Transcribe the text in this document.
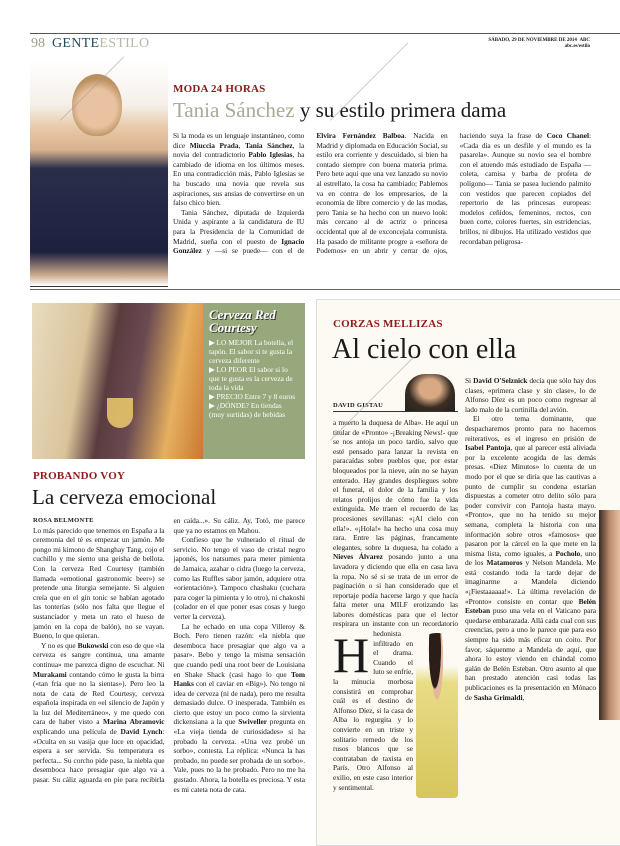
98 GENTEESTILO	SÁBADO, 29 DE NOVIEMBRE DE 2014 ABC
abc.es/estilo
MODA 24 HORAS
Tania Sánchez y su estilo primera dama

Si la moda es un lenguaje instantáneo, como dice Miuccia Prada, Tania Sánchez, la novia del contradictorio Pablo Iglesias, ha cambiado de idioma en los últimos meses. En una contradicción más, Pablo Iglesias se ha buscado una novia que revela sus aspiraciones, sus ansias de convertirse en un falso chico bien.

Tania Sánchez, diputada de Izquierda Unida y aspirante a la candidatura de IU para la Presidencia de la Comunidad de Madrid, sueña con el puesto de Ignacio González y —si se puede— con el de Elvira Fernández Balboa. Nacida en Madrid y diplomada en Educación Social, su estilo era corriente y descuidado, si bien ha contado siempre con buena materia prima. Pero hete aquí que una vez lanzado su novio al estrellato, la cosa ha cambiado; Pablemos va en contra de los empresarios, de la economía de libre comercio y de las modas, pero Tania se ha hecho con un nuevo look: más cercano al de actriz o princesa occidental que al de exconcejala comunista. Ha pasado de militante progre a «señora de Podemos» en un abrir y cerrar de ojos, haciendo suya la frase de Coco Chanel: «Cada día es un desfile y el mundo es la pasarela». Aunque su novio sea el hombre con el atuendo más estudiado de España —coleta, camisa y barba de profeta de polígono— Tania se pasea luciendo palmito con vestidos que parecen copiados del repertorio de las princesas europeas: modelos ceñidos, femeninos, rectos, con buen corte, colores fuertes, sin estridencias, brillos, ni dibujos. Ha utilizado vestidos que recordaban peligrosa-

Cerveza Red Courtesy
▶ LO MEJOR La botella, el tapón. El sabor si te gusta la cerveza diferente
▶ LO PEOR El sabor si lo que te gusta es la cerveza de toda la vida
▶ PRECIO Entre 7 y 8 euros
▶ ¿DÓNDE? En tiendas (muy surtidas) de bebidas
PROBANDO VOY
La cerveza emocional
ROSA BELMONTE

Lo más parecido que tenemos en España a la ceremonia del té es empezar un jamón. Me pongo mi kimono de Shanghay Tang, cojo el cuchillo y me siento una geisha de bellota. Con la cerveza Red Courtesy (también llamada «emotional gastronomic beer») se pretende una liturgia semejante. Si alguien creía que en el gin tonic se habían agotado las tonterías (sólo nos falta que llegue el sustanciador y meta un rato el hueso de jamón en la copa de balón), no se vayan. Bueno, lo que quieran.

Y no es que Bukowski con eso de que «la cerveza es sangre continua, una amante continua» me parezca digno de escuchar. Ni Murakami contando cómo le gusta la birra («tan fría que no la sientas»). Pero leo la nota de cata de Red Courtesy, cerveza española inspirada en «el silencio de Japón y la luz del Mediterráneo», y me quedo con cara de haber visto a Marina Abramovic explicando una película de David Lynch: «Oculta en su vasija que luce en opacidad, espera a ser servida. Su temperatura es perfecta... Su corcho pide paso, la niebla que desemboca hace presagiar que algo va a pasar. Su cáliz aguarda en pie para recibirla en caída...». Su cáliz. Ay, Totó, me parece que ya no estamos en Mahou.

Confieso que he vulnerado el ritual de servicio. No tengo el vaso de cristal negro japonés, los natsumes para meter pimienta de Jamaica, azahar o cidra (luego la cerveza, como las Ruffles sabor jamón, adquiere otra «orientación»). Tampoco chashaku (cuchara para coger la pimienta y lo otro), ni chakoshi (colador en el que poner esas cosas y luego verter la cerveza).

La he echado en una copa Villeroy & Boch. Pero tienen razón: «la niebla que desemboca hace presagiar que algo va a pasar». Bebo y tengo la misma sensación que cuando pedí una root beer de Louisiana en Shake Shack (casi hago lo que Tom Hanks con el caviar en «Big»). No tengo ni idea de cerveza (ni de nada), pero me resulta demasiado dulce. O inesperada. También es cierto que estoy un poco como la sirvienta dickensiana a la que Swiveller pregunta en «La vieja tienda de curiosidades» si ha probado la cerveza. «Una vez probé un sorbo», contesta. La réplica: «Nunca la has probado, no puede ser probada de un sorbo». Vale, pues no la he probado. Pero no me ha gustado. Ahora, la botella es preciosa. Y esta es mi cateta nota de cata.

CORZAS MELLIZAS
Al cielo con ella
DAVID GISTAU
H

a muerto la duquesa de Alba». He aquí un titular de «Pronto» -¡Breaking News!- que se nos antoja un poco tardío, salvo que esté pensado para lanzar la revista en paracaídas sobre pueblos que, por estar bloqueados por la nieve, aún no se hayan enterado. Hay grandes despliegues sobre el funeral, el dolor de la familia y los relatos prolijos de cómo fue la vida extinguida. Me traen el recuerdo de las procesiones sevillanas: «¡Al cielo con ella!». «¡Hola!» ha hecho una cosa muy rara. Entre las páginas, francamente elegantes, sobre la duquesa, ha colado a Nieves Álvarez posando junto a una lavadora y diciendo que ella en casa lava la ropa. No sé si se trata de un error de paginación o si han considerado que el reportaje podía hacerse largo y que hacía falta meter una MILF erotizando las labores domésticas para que el lector respirara un instante con un recordatorio hedonista infiltrado en el drama. Cuando el luto se enfríe, la minucia morbosa consistirá en comprobar cuál es el destino de Alfonso Díez, si la casa de Alba lo regurgita y lo convierte en un triste y solitario remedo de los rusos blancos que se contrataban de taxista en París. Otro Alfonso al exilio, en este caso interior y sentimental.

Si David O'Selznick decía que sólo hay dos clases, «primera clase y sin clase», lo de Alfonso Díez es un poco como regresar al lado malo de la cortinilla del avión.

El otro tema dominante, que despacharemos pronto para no hacernos reiterativos, es el ingreso en prisión de Isabel Pantoja, que al parecer está aliviada por la excelente acogida de las demás presas. «Diez Minutos» lo cuenta de un modo por el que se diría que las cautivas a punto de cumplir su condena estarían dispuestas a cometer otro delito sólo para poder convivir con Pantoja hasta mayo. «Pronto», que no ha tenido su mejor semana, completa la historia con una información sobre otros «famosos» que pasaron por la cárcel en la que mete en la misma lista, como iguales, a Pocholo, uno de los Matamoros y Nelson Mandela. Me está costando toda la tarde dejar de imaginarme a Mandela diciendo «¡Fiestaaaaaa!». La última revelación de «Pronto» consiste en contar que Belén Esteban puso una vela en el Vaticano para quedarse embarazada. Allá cada cual con sus creencias, pero a uno le parece que para eso siempre ha sido más eficaz un coito. Por favor, sáquenme a Mandela de aquí, que ahora lo estoy viendo en chándal como galán de Belén Esteban. Otro asunto al que han prestado atención casi todas las publicaciones es la presentación en Mónaco de Sasha Grimaldi,
